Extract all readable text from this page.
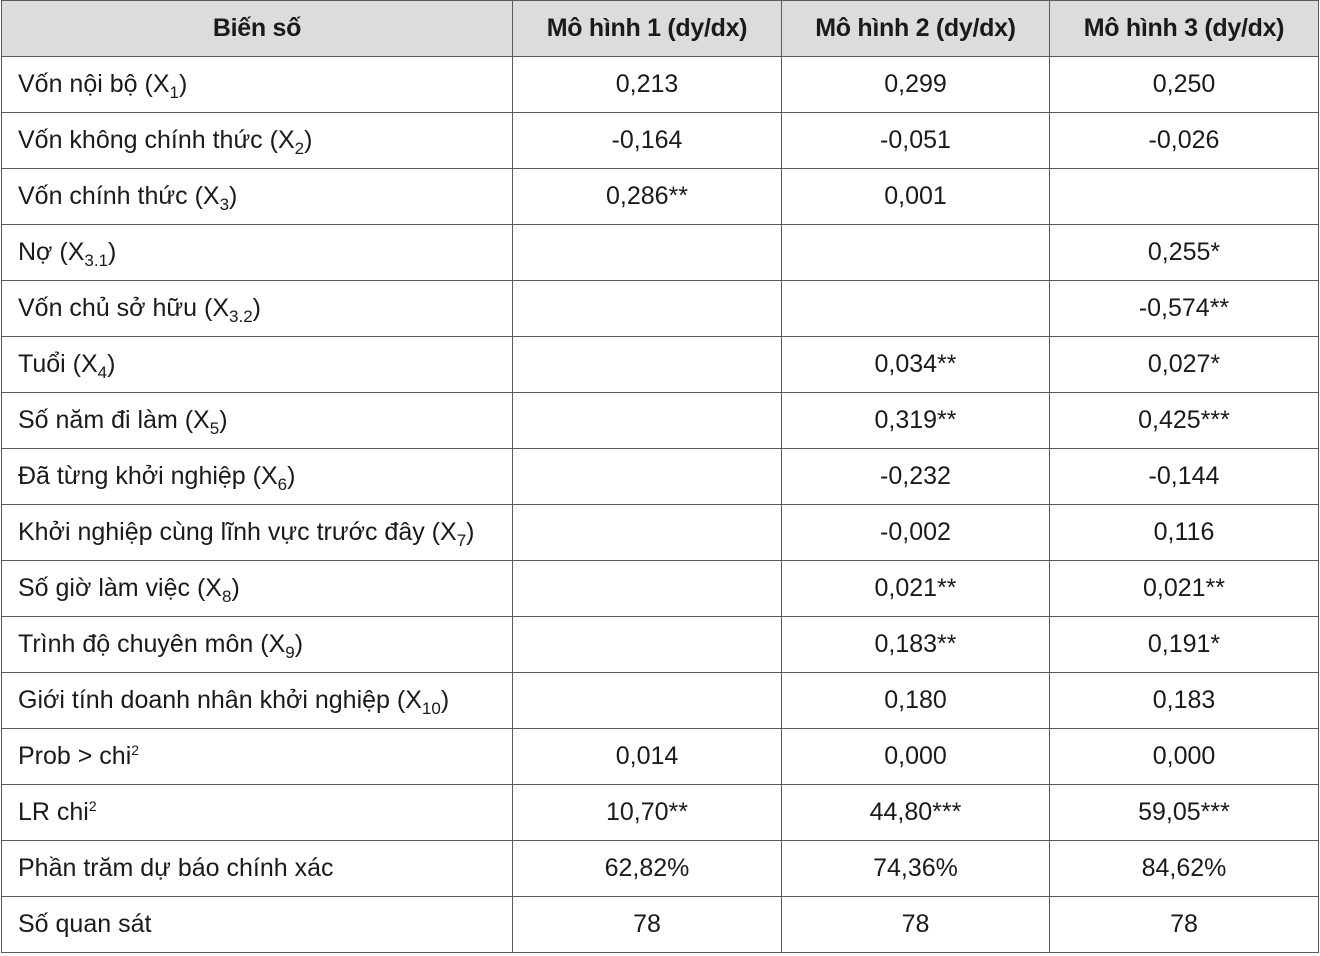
Biến số	Mô hình 1 (dy/dx)	Mô hình 2 (dy/dx)	Mô hình 3 (dy/dx)
Vốn nội bộ $(X_1)$	0,213	0,299	0,250
Vốn không chính thức $(X_2)$	-0,164	-0,051	-0,026
Vốn chính thức $(X_3)$	0,286**	0,001	
Nợ $(X_{3.1})$			0,255*
Vốn chủ sở hữu $(X_{3.2})$			-0,574**
Tuổi $(X_4)$		0,034**	0,027*
Số năm đi làm $(X_5)$		0,319**	0,425***
Đã từng khởi nghiệp $(X_6)$		-0,232	-0,144
Khởi nghiệp cùng lĩnh vực trước đây $(X_7)$		-0,002	0,116
Số giờ làm việc $(X_8)$		0,021**	0,021**
Trình độ chuyên môn $(X_9)$		0,183**	0,191*
Giới tính doanh nhân khởi nghiệp $(X_{10})$		0,180	0,183
Prob > chi$^2$	0,014	0,000	0,000
LR chi$^2$	10,70**	44,80***	59,05***
Phần trăm dự báo chính xác	62,82%	74,36%	84,62%
Số quan sát	78	78	78
